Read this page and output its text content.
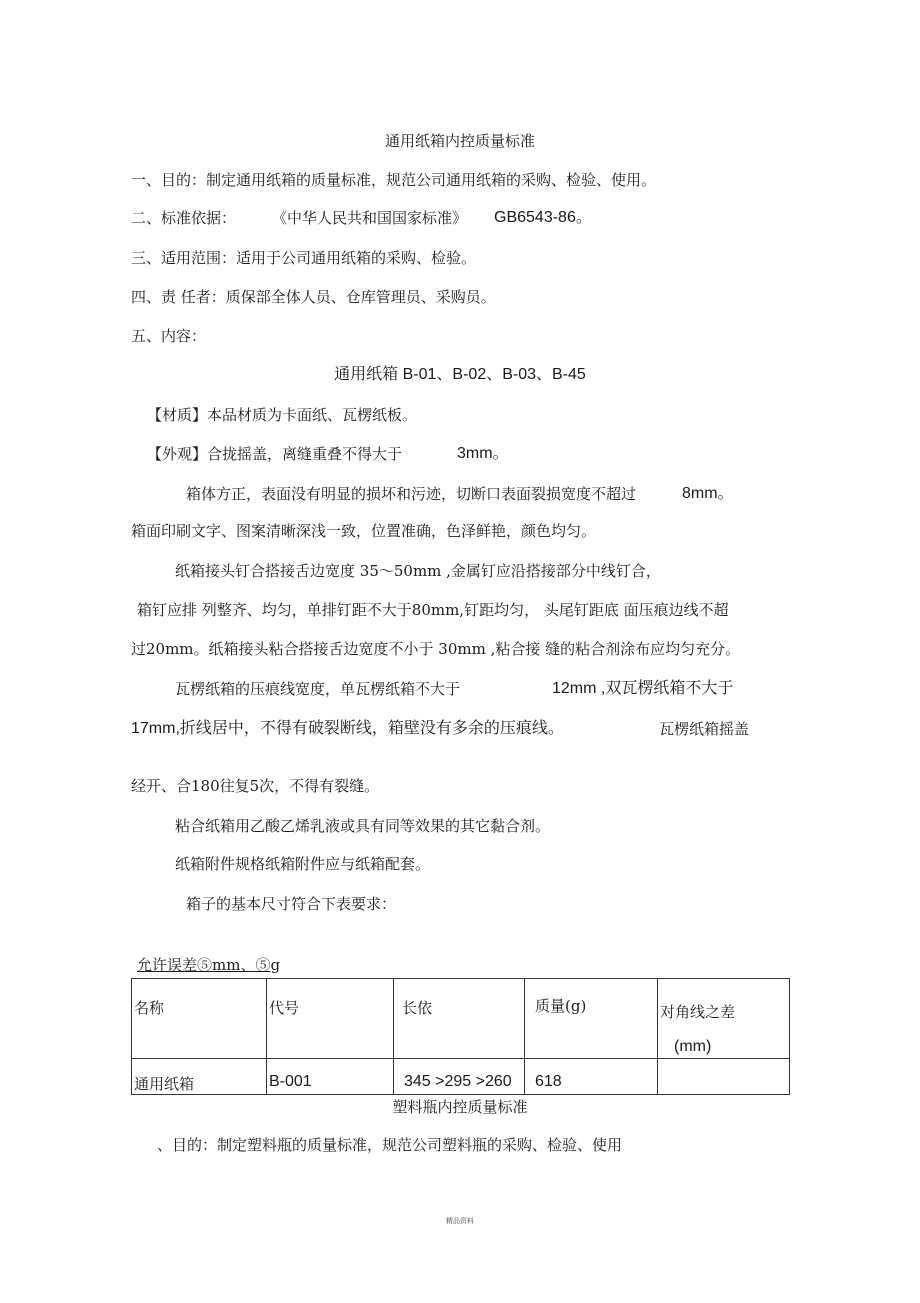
通用纸箱内控质量标准
一、目的：制定通用纸箱的质量标准，规范公司通用纸箱的采购、检验、使用。
二、标准依据： 《中华人民共和国国家标准》 GB6543-86。
三、适用范围：适用于公司通用纸箱的采购、检验。
四、责 任者：质保部全体人员、仓库管理员、采购员。
五、内容：
通用纸箱 B-01、B-02、B-03、B-45
【材质】本品材质为卡面纸、瓦楞纸板。
【外观】合拢摇盖，离缝重叠不得大于	3mm。
箱体方正，表面没有明显的损坏和污迹，切断口表面裂损宽度不超过	8mm。
箱面印刷文字、图案清晰深浅一致，位置准确，色泽鲜艳，颜色均匀。
纸箱接头钉合搭接舌边宽度 35～50mm ,金属钉应沿搭接部分中线钉合，
箱钉应排 列整齐、均匀，单排钉距不大于80mm,钉距均匀， 头尾钉距底 面压痕边线不超
过20mm。纸箱接头粘合搭接舌边宽度不小于 30mm ,粘合接 缝的粘合剂涂布应均匀充分。
瓦楞纸箱的压痕线宽度，单瓦楞纸箱不大于	12mm ,双瓦楞纸箱不大于
17mm,折线居中，不得有破裂断线，箱壁没有多余的压痕线。	瓦楞纸箱摇盖
经开、合180往复5次，不得有裂缝。
粘合纸箱用乙酸乙烯乳液或具有同等效果的其它黏合剂。
纸箱附件规格纸箱附件应与纸箱配套。
箱子的基本尺寸符合下表要求：
允许误差⑤mm、⑤g
名称	代号	长依	质量(g)	对角线之差
(mm)

通用纸箱	B-001	345 >295 >260	618	

塑料瓶内控质量标准
、目的：制定塑料瓶的质量标准，规范公司塑料瓶的采购、检验、使用
精品资料
